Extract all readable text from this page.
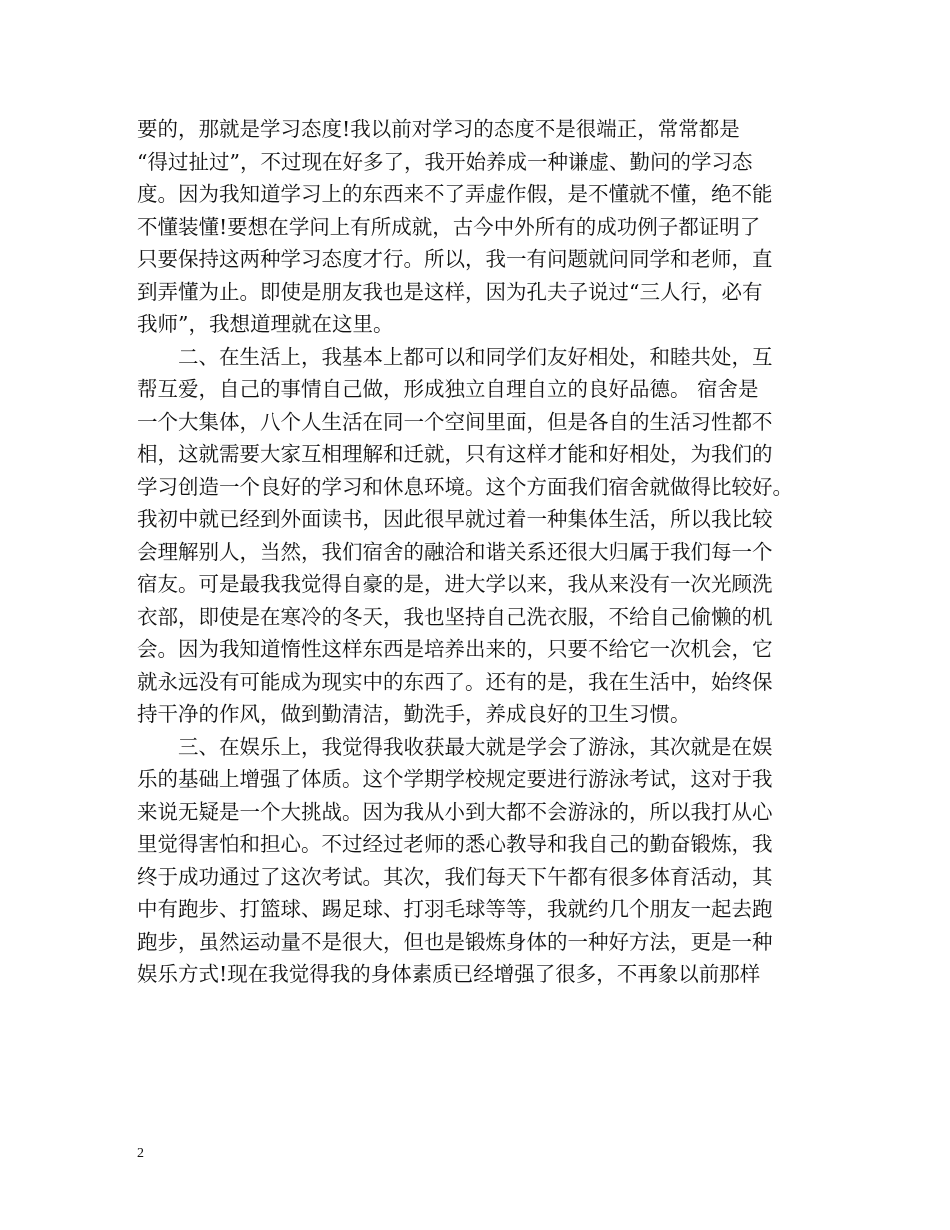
要的，那就是学习态度!我以前对学习的态度不是很端正，常常都是
“得过扯过”，不过现在好多了，我开始养成一种谦虚、勤问的学习态
度。因为我知道学习上的东西来不了弄虚作假，是不懂就不懂，绝不能
不懂装懂!要想在学问上有所成就，古今中外所有的成功例子都证明了
只要保持这两种学习态度才行。所以，我一有问题就问同学和老师，直
到弄懂为止。即使是朋友我也是这样，因为孔夫子说过“三人行，必有
我师”，我想道理就在这里。
　　二、在生活上，我基本上都可以和同学们友好相处，和睦共处，互
帮互爱，自己的事情自己做，形成独立自理自立的良好品德。 宿舍是
一个大集体，八个人生活在同一个空间里面，但是各自的生活习性都不
相，这就需要大家互相理解和迁就，只有这样才能和好相处，为我们的
学习创造一个良好的学习和休息环境。这个方面我们宿舍就做得比较好。
我初中就已经到外面读书，因此很早就过着一种集体生活，所以我比较
会理解别人，当然，我们宿舍的融洽和谐关系还很大归属于我们每一个
宿友。可是最我我觉得自豪的是，进大学以来，我从来没有一次光顾洗
衣部，即使是在寒冷的冬天，我也坚持自己洗衣服，不给自己偷懒的机
会。因为我知道惰性这样东西是培养出来的，只要不给它一次机会，它
就永远没有可能成为现实中的东西了。还有的是，我在生活中，始终保
持干净的作风，做到勤清洁，勤洗手，养成良好的卫生习惯。
　　三、在娱乐上，我觉得我收获最大就是学会了游泳，其次就是在娱
乐的基础上增强了体质。这个学期学校规定要进行游泳考试，这对于我
来说无疑是一个大挑战。因为我从小到大都不会游泳的，所以我打从心
里觉得害怕和担心。不过经过老师的悉心教导和我自己的勤奋锻炼，我
终于成功通过了这次考试。其次，我们每天下午都有很多体育活动，其
中有跑步、打篮球、踢足球、打羽毛球等等，我就约几个朋友一起去跑
跑步，虽然运动量不是很大，但也是锻炼身体的一种好方法，更是一种
娱乐方式!现在我觉得我的身体素质已经增强了很多，不再象以前那样
2
